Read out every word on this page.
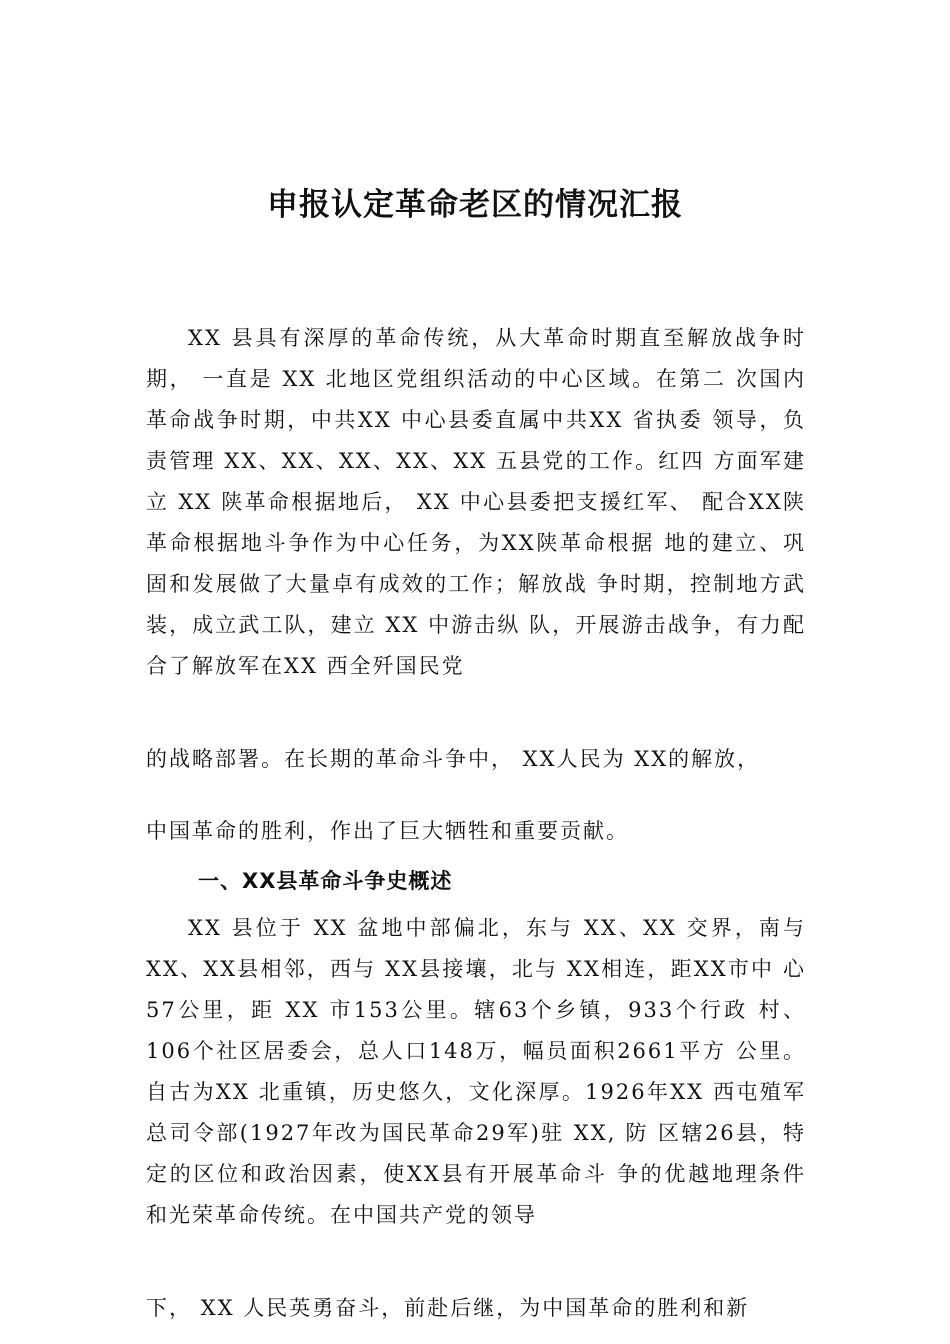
申报认定革命老区的情况汇报

XX 县具有深厚的革命传统，从大革命时期直至解放战争时期， 一直是 XX 北地区党组织活动的中心区域。在第二 次国内革命战争时期，中共XX 中心县委直属中共XX 省执委 领导，负责管理 XX、XX、XX、XX、XX 五县党的工作。红四 方面军建立 XX 陕革命根据地后， XX 中心县委把支援红军、 配合XX陕革命根据地斗争作为中心任务，为XX陕革命根据 地的建立、巩固和发展做了大量卓有成效的工作；解放战 争时期，控制地方武装，成立武工队，建立 XX 中游击纵 队，开展游击战争，有力配合了解放军在XX 西全歼国民党

的战略部署。在长期的革命斗争中， XX人民为 XX的解放，

中国革命的胜利，作出了巨大牺牲和重要贡献。

一、XX县革命斗争史概述

XX 县位于 XX 盆地中部偏北，东与 XX、XX 交界，南与 XX、XX县相邻，西与 XX县接壤，北与 XX相连，距XX市中 心57公里，距 XX 市153公里。辖63个乡镇，933个行政 村、106个社区居委会，总人口148万，幅员面积2661平方 公里。自古为XX 北重镇，历史悠久，文化深厚。1926年XX 西屯殖军总司令部(1927年改为国民革命29军)驻 XX, 防 区辖26县，特定的区位和政治因素，使XX县有开展革命斗 争的优越地理条件和光荣革命传统。在中国共产党的领导

下， XX 人民英勇奋斗，前赴后继，为中国革命的胜利和新
